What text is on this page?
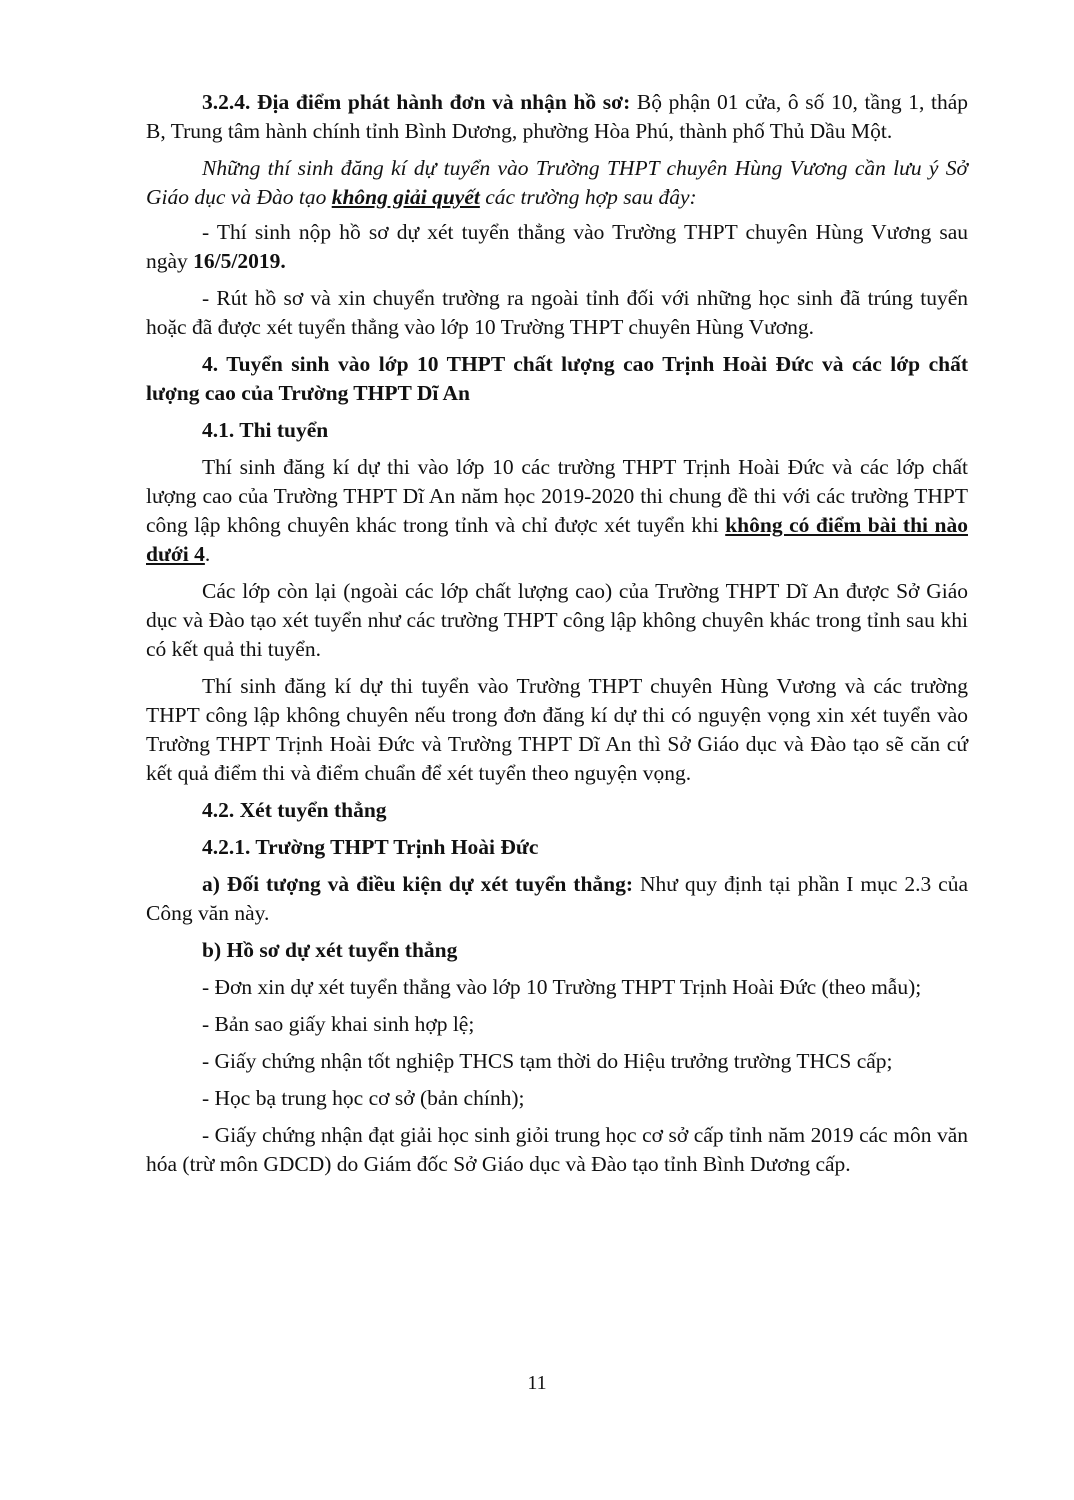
3.2.4. Địa điểm phát hành đơn và nhận hồ sơ: Bộ phận 01 cửa, ô số 10, tầng 1, tháp B, Trung tâm hành chính tỉnh Bình Dương, phường Hòa Phú, thành phố Thủ Dầu Một.

Những thí sinh đăng kí dự tuyển vào Trường THPT chuyên Hùng Vương cần lưu ý Sở Giáo dục và Đào tạo không giải quyết các trường hợp sau đây:

- Thí sinh nộp hồ sơ dự xét tuyển thẳng vào Trường THPT chuyên Hùng Vương sau ngày 16/5/2019.

- Rút hồ sơ và xin chuyển trường ra ngoài tỉnh đối với những học sinh đã trúng tuyển hoặc đã được xét tuyển thẳng vào lớp 10 Trường THPT chuyên Hùng Vương.

4. Tuyển sinh vào lớp 10 THPT chất lượng cao Trịnh Hoài Đức và các lớp chất lượng cao của Trường THPT Dĩ An

4.1. Thi tuyển

Thí sinh đăng kí dự thi vào lớp 10 các trường THPT Trịnh Hoài Đức và các lớp chất lượng cao của Trường THPT Dĩ An năm học 2019-2020 thi chung đề thi với các trường THPT công lập không chuyên khác trong tỉnh và chỉ được xét tuyển khi không có điểm bài thi nào dưới 4.

Các lớp còn lại (ngoài các lớp chất lượng cao) của Trường THPT Dĩ An được Sở Giáo dục và Đào tạo xét tuyển như các trường THPT công lập không chuyên khác trong tỉnh sau khi có kết quả thi tuyển.

Thí sinh đăng kí dự thi tuyển vào Trường THPT chuyên Hùng Vương và các trường THPT công lập không chuyên nếu trong đơn đăng kí dự thi có nguyện vọng xin xét tuyển vào Trường THPT Trịnh Hoài Đức và Trường THPT Dĩ An thì Sở Giáo dục và Đào tạo sẽ căn cứ kết quả điểm thi và điểm chuẩn để xét tuyển theo nguyện vọng.

4.2. Xét tuyển thẳng

4.2.1. Trường THPT Trịnh Hoài Đức

a) Đối tượng và điều kiện dự xét tuyển thẳng: Như quy định tại phần I mục 2.3 của Công văn này.

b) Hồ sơ dự xét tuyển thẳng

- Đơn xin dự xét tuyển thẳng vào lớp 10 Trường THPT Trịnh Hoài Đức (theo mẫu);

- Bản sao giấy khai sinh hợp lệ;

- Giấy chứng nhận tốt nghiệp THCS tạm thời do Hiệu trưởng trường THCS cấp;

- Học bạ trung học cơ sở (bản chính);

- Giấy chứng nhận đạt giải học sinh giỏi trung học cơ sở cấp tỉnh năm 2019 các môn văn hóa (trừ môn GDCD) do Giám đốc Sở Giáo dục và Đào tạo tỉnh Bình Dương cấp.

11
